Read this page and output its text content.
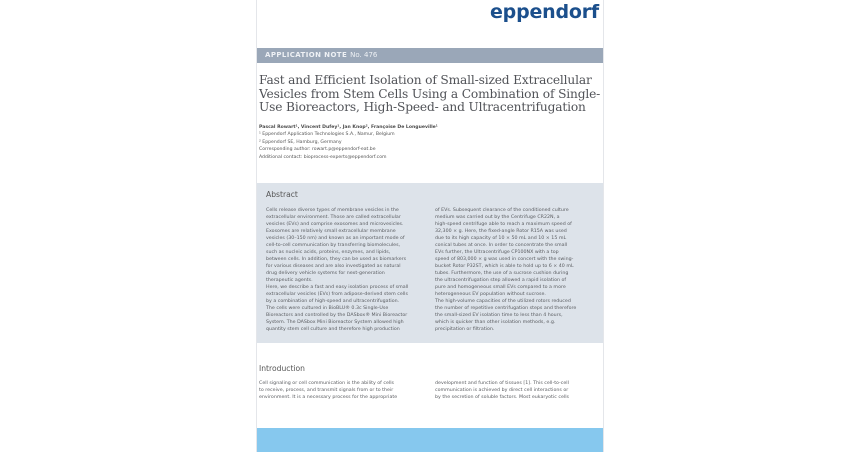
eppendorf
APPLICATION NOTE No. 476
Fast and Efficient Isolation of Small-sized Extracellular Vesicles from Stem Cells Using a Combination of Single-Use Bioreactors, High-Speed- and Ultracentrifugation
Pascal Rowart¹, Vincent Dufey¹, Jan Knop², Françoise De Longueville¹
¹ Eppendorf Application Technologies S.A., Namur, Belgium
² Eppendorf SE, Hamburg, Germany
Corresponding author: rowart.p@eppendorf-eat.be
Additional contact: bioprocess-experts@eppendorf.com
Abstract
Cells release diverse types of membrane vesicles in the
extracellular environment. Those are called extracellular
vesicles (EVs) and comprise exosomes and microvesicles.
Exosomes are relatively small extracellular membrane
vesicles (30–150 nm) and known as an important mode of
cell-to-cell communication by transferring biomolecules,
such as nucleic acids, proteins, enzymes, and lipids,
between cells. In addition, they can be used as biomarkers
for various diseases and are also investigated as natural
drug delivery vehicle systems for next-generation
therapeutic agents.
Here, we describe a fast and easy isolation process of small
extracellular vesicles (EVs) from adipose-derived stem cells
by a combination of high-speed and ultracentrifugation.
The cells were cultured in BioBLU® 0.3c Single-Use
Bioreactors and controlled by the DASbox® Mini Bioreactor
System. The DASbox Mini Bioreactor System allowed high
quantity stem cell culture and therefore high production
of EVs. Subsequent clearance of the conditioned culture
medium was carried out by the Centrifuge CR22N, a
high-speed centrifuge able to reach a maximum speed of
32,300 × g. Here, the fixed-angle Rotor R15A was used
due to its high capacity of 10 × 50 mL and 10 × 15 mL
conical tubes at once. In order to concentrate the small
EVs further, the Ultracentrifuge CP100NX with a top
speed of 803,000 × g was used in concert with the swing-
bucket Rotor P32ST, which is able to hold up to 6 × 40 mL
tubes. Furthermore, the use of a sucrose cushion during
the ultracentrifugation step allowed a rapid isolation of
pure and homogeneous small EVs compared to a more
heterogeneous EV population without sucrose.
The high-volume capacities of the utilized rotors reduced
the number of repetitive centrifugation steps and therefore
the small-sized EV isolation time to less than 4 hours,
which is quicker than other isolation methods, e.g.
precipitation or filtration.
Introduction
Cell signaling or cell communication is the ability of cells
to receive, process, and transmit signals from or to their
environment. It is a necessary process for the appropriate
development and function of tissues [1]. This cell-to-cell
communication is achieved by direct cell interactions or
by the secretion of soluble factors. Most eukaryotic cells
